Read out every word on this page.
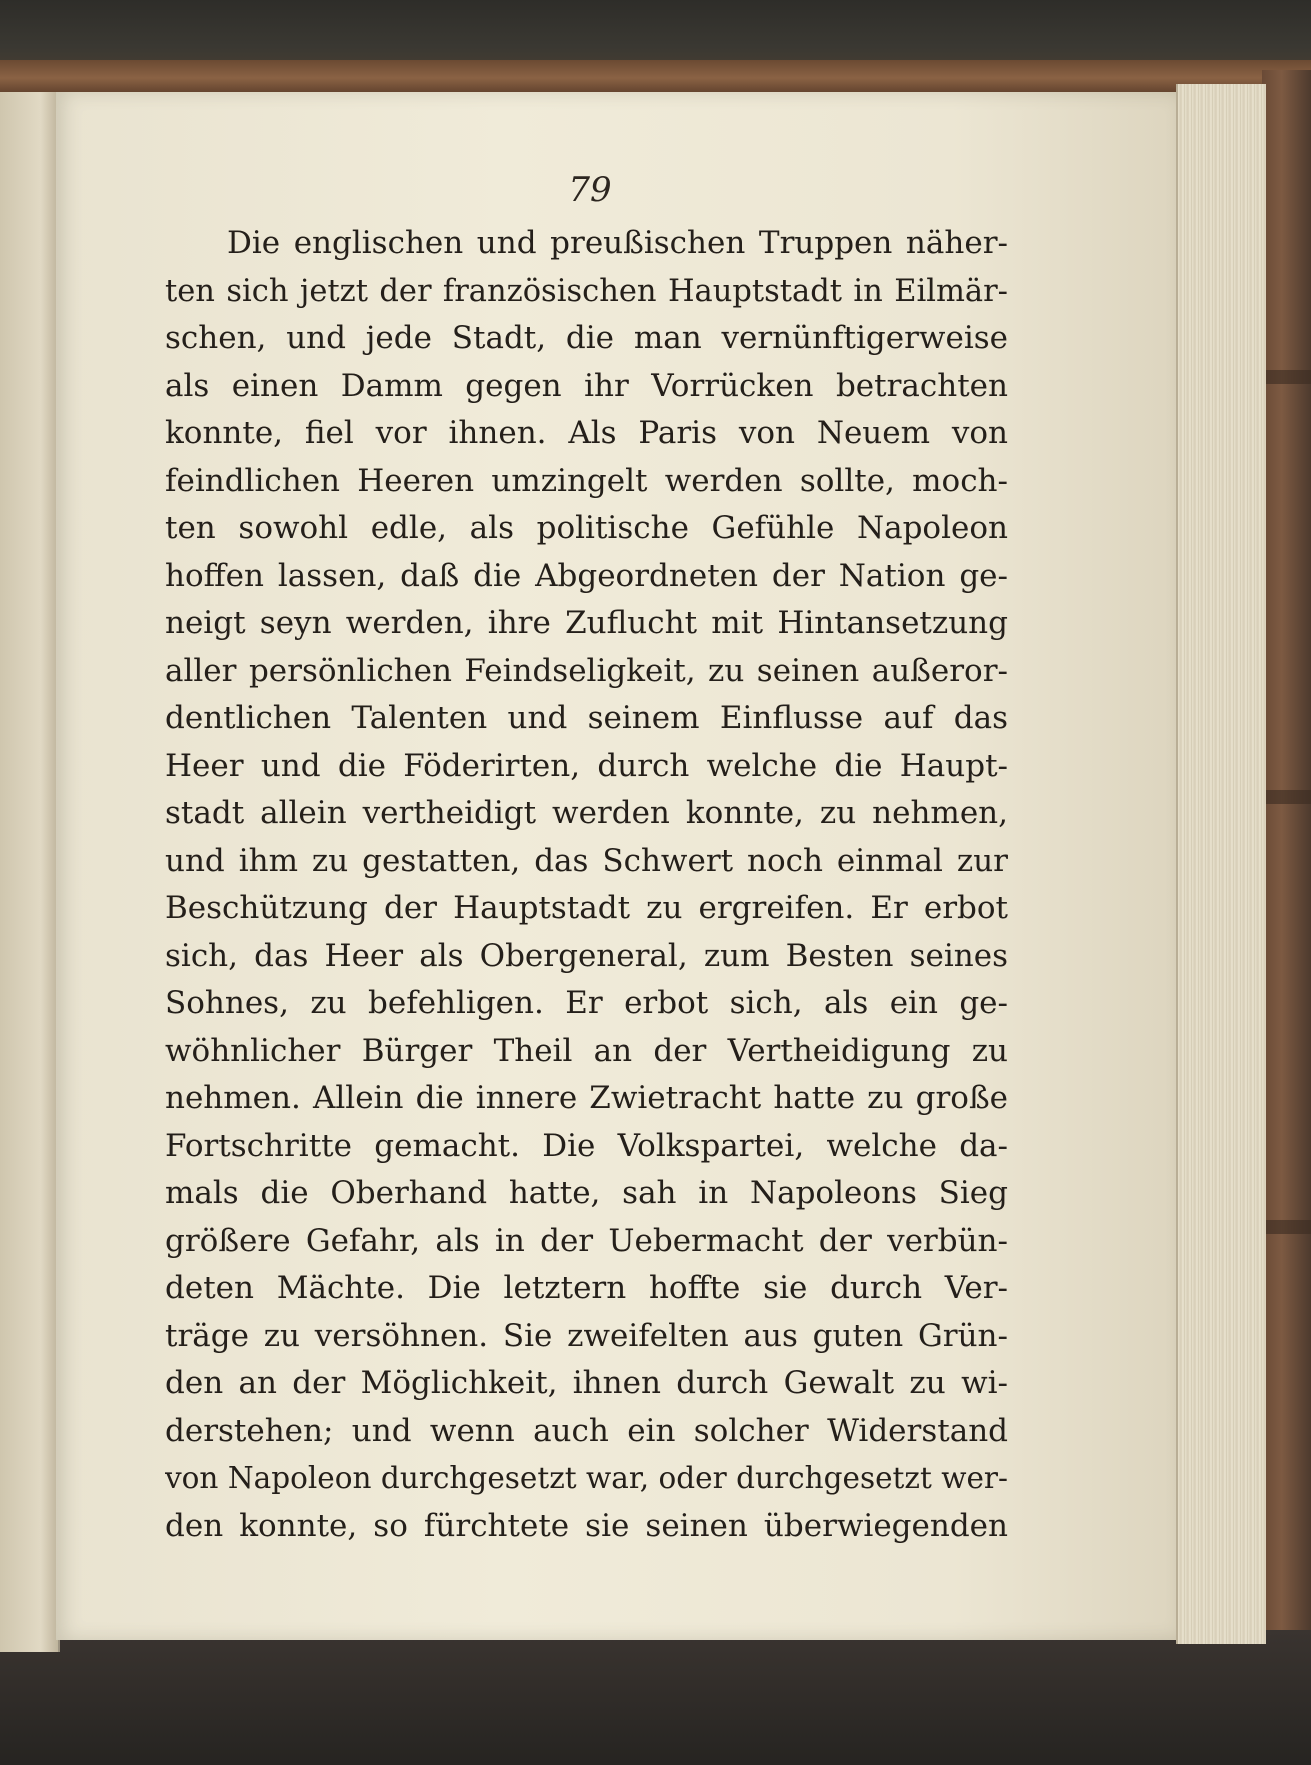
79
Die englischen und preußischen Truppen näher-
ten sich jetzt der französischen Hauptstadt in Eilmär-
schen, und jede Stadt, die man vernünftigerweise
als einen Damm gegen ihr Vorrücken betrachten
konnte, fiel vor ihnen. Als Paris von Neuem von
feindlichen Heeren umzingelt werden sollte, moch-
ten sowohl edle, als politische Gefühle Napoleon
hoffen lassen, daß die Abgeordneten der Nation ge-
neigt seyn werden, ihre Zuflucht mit Hintansetzung
aller persönlichen Feindseligkeit, zu seinen außeror-
dentlichen Talenten und seinem Einflusse auf das
Heer und die Föderirten, durch welche die Haupt-
stadt allein vertheidigt werden konnte, zu nehmen,
und ihm zu gestatten, das Schwert noch einmal zur
Beschützung der Hauptstadt zu ergreifen. Er erbot
sich, das Heer als Obergeneral, zum Besten seines
Sohnes, zu befehligen. Er erbot sich, als ein ge-
wöhnlicher Bürger Theil an der Vertheidigung zu
nehmen. Allein die innere Zwietracht hatte zu große
Fortschritte gemacht. Die Volkspartei, welche da-
mals die Oberhand hatte, sah in Napoleons Sieg
größere Gefahr, als in der Uebermacht der verbün-
deten Mächte. Die letztern hoffte sie durch Ver-
träge zu versöhnen. Sie zweifelten aus guten Grün-
den an der Möglichkeit, ihnen durch Gewalt zu wi-
derstehen; und wenn auch ein solcher Widerstand
von Napoleon durchgesetzt war, oder durchgesetzt wer-
den konnte, so fürchtete sie seinen überwiegenden
